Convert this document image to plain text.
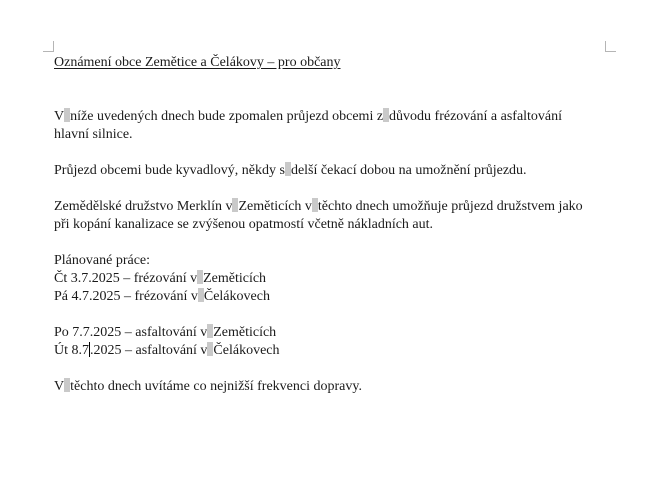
Oznámení obce Zemětice a Čelákovy – pro občany
V níže uvedených dnech bude zpomalen průjezd obcemi z důvodu frézování a asfaltování
hlavní silnice.
Průjezd obcemi bude kyvadlový, někdy s delší čekací dobou na umožnění průjezdu.
Zemědělské družstvo Merklín v Zeměticích v těchto dnech umožňuje průjezd družstvem jako
při kopání kanalizace se zvýšenou opatmostí včetně nákladních aut.
Plánované práce:
Čt 3.7.2025 – frézování v Zeměticích
Pá 4.7.2025 – frézování v Čelákovech
Po 7.7.2025 – asfaltování v Zeměticích
Út 8.7.2025 – asfaltování v Čelákovech
V těchto dnech uvítáme co nejnižší frekvenci dopravy.
